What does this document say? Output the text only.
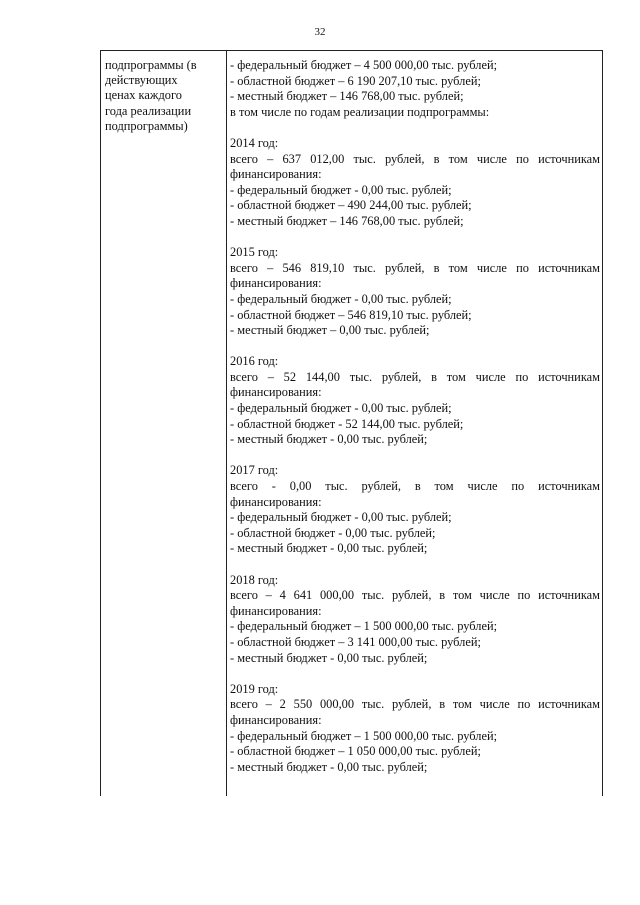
32
подпрограммы (в
действующих
ценах каждого
года реализации
подпрограммы)
- федеральный бюджет – 4 500 000,00 тыс. рублей;
- областной бюджет – 6 190 207,10 тыс. рублей;
- местный бюджет – 146 768,00 тыс. рублей;
в том числе по годам реализации подпрограммы:
2014 год:
всего – 637 012,00 тыс. рублей, в том числе по источникам
финансирования:
- федеральный бюджет - 0,00 тыс. рублей;
- областной бюджет – 490 244,00 тыс. рублей;
- местный бюджет – 146 768,00 тыс. рублей;
2015 год:
всего – 546 819,10 тыс. рублей, в том числе по источникам
финансирования:
- федеральный бюджет - 0,00 тыс. рублей;
- областной бюджет – 546 819,10 тыс. рублей;
- местный бюджет – 0,00 тыс. рублей;
2016 год:
всего – 52 144,00 тыс. рублей, в том числе по источникам
финансирования:
- федеральный бюджет - 0,00 тыс. рублей;
- областной бюджет - 52 144,00 тыс. рублей;
- местный бюджет - 0,00 тыс. рублей;
2017 год:
всего - 0,00 тыс. рублей, в том числе по источникам
финансирования:
- федеральный бюджет - 0,00 тыс. рублей;
- областной бюджет - 0,00 тыс. рублей;
- местный бюджет - 0,00 тыс. рублей;
2018 год:
всего – 4 641 000,00 тыс. рублей, в том числе по источникам
финансирования:
- федеральный бюджет – 1 500 000,00 тыс. рублей;
- областной бюджет – 3 141 000,00 тыс. рублей;
- местный бюджет - 0,00 тыс. рублей;
2019 год:
всего – 2 550 000,00 тыс. рублей, в том числе по источникам
финансирования:
- федеральный бюджет – 1 500 000,00 тыс. рублей;
- областной бюджет – 1 050 000,00 тыс. рублей;
- местный бюджет - 0,00 тыс. рублей;
